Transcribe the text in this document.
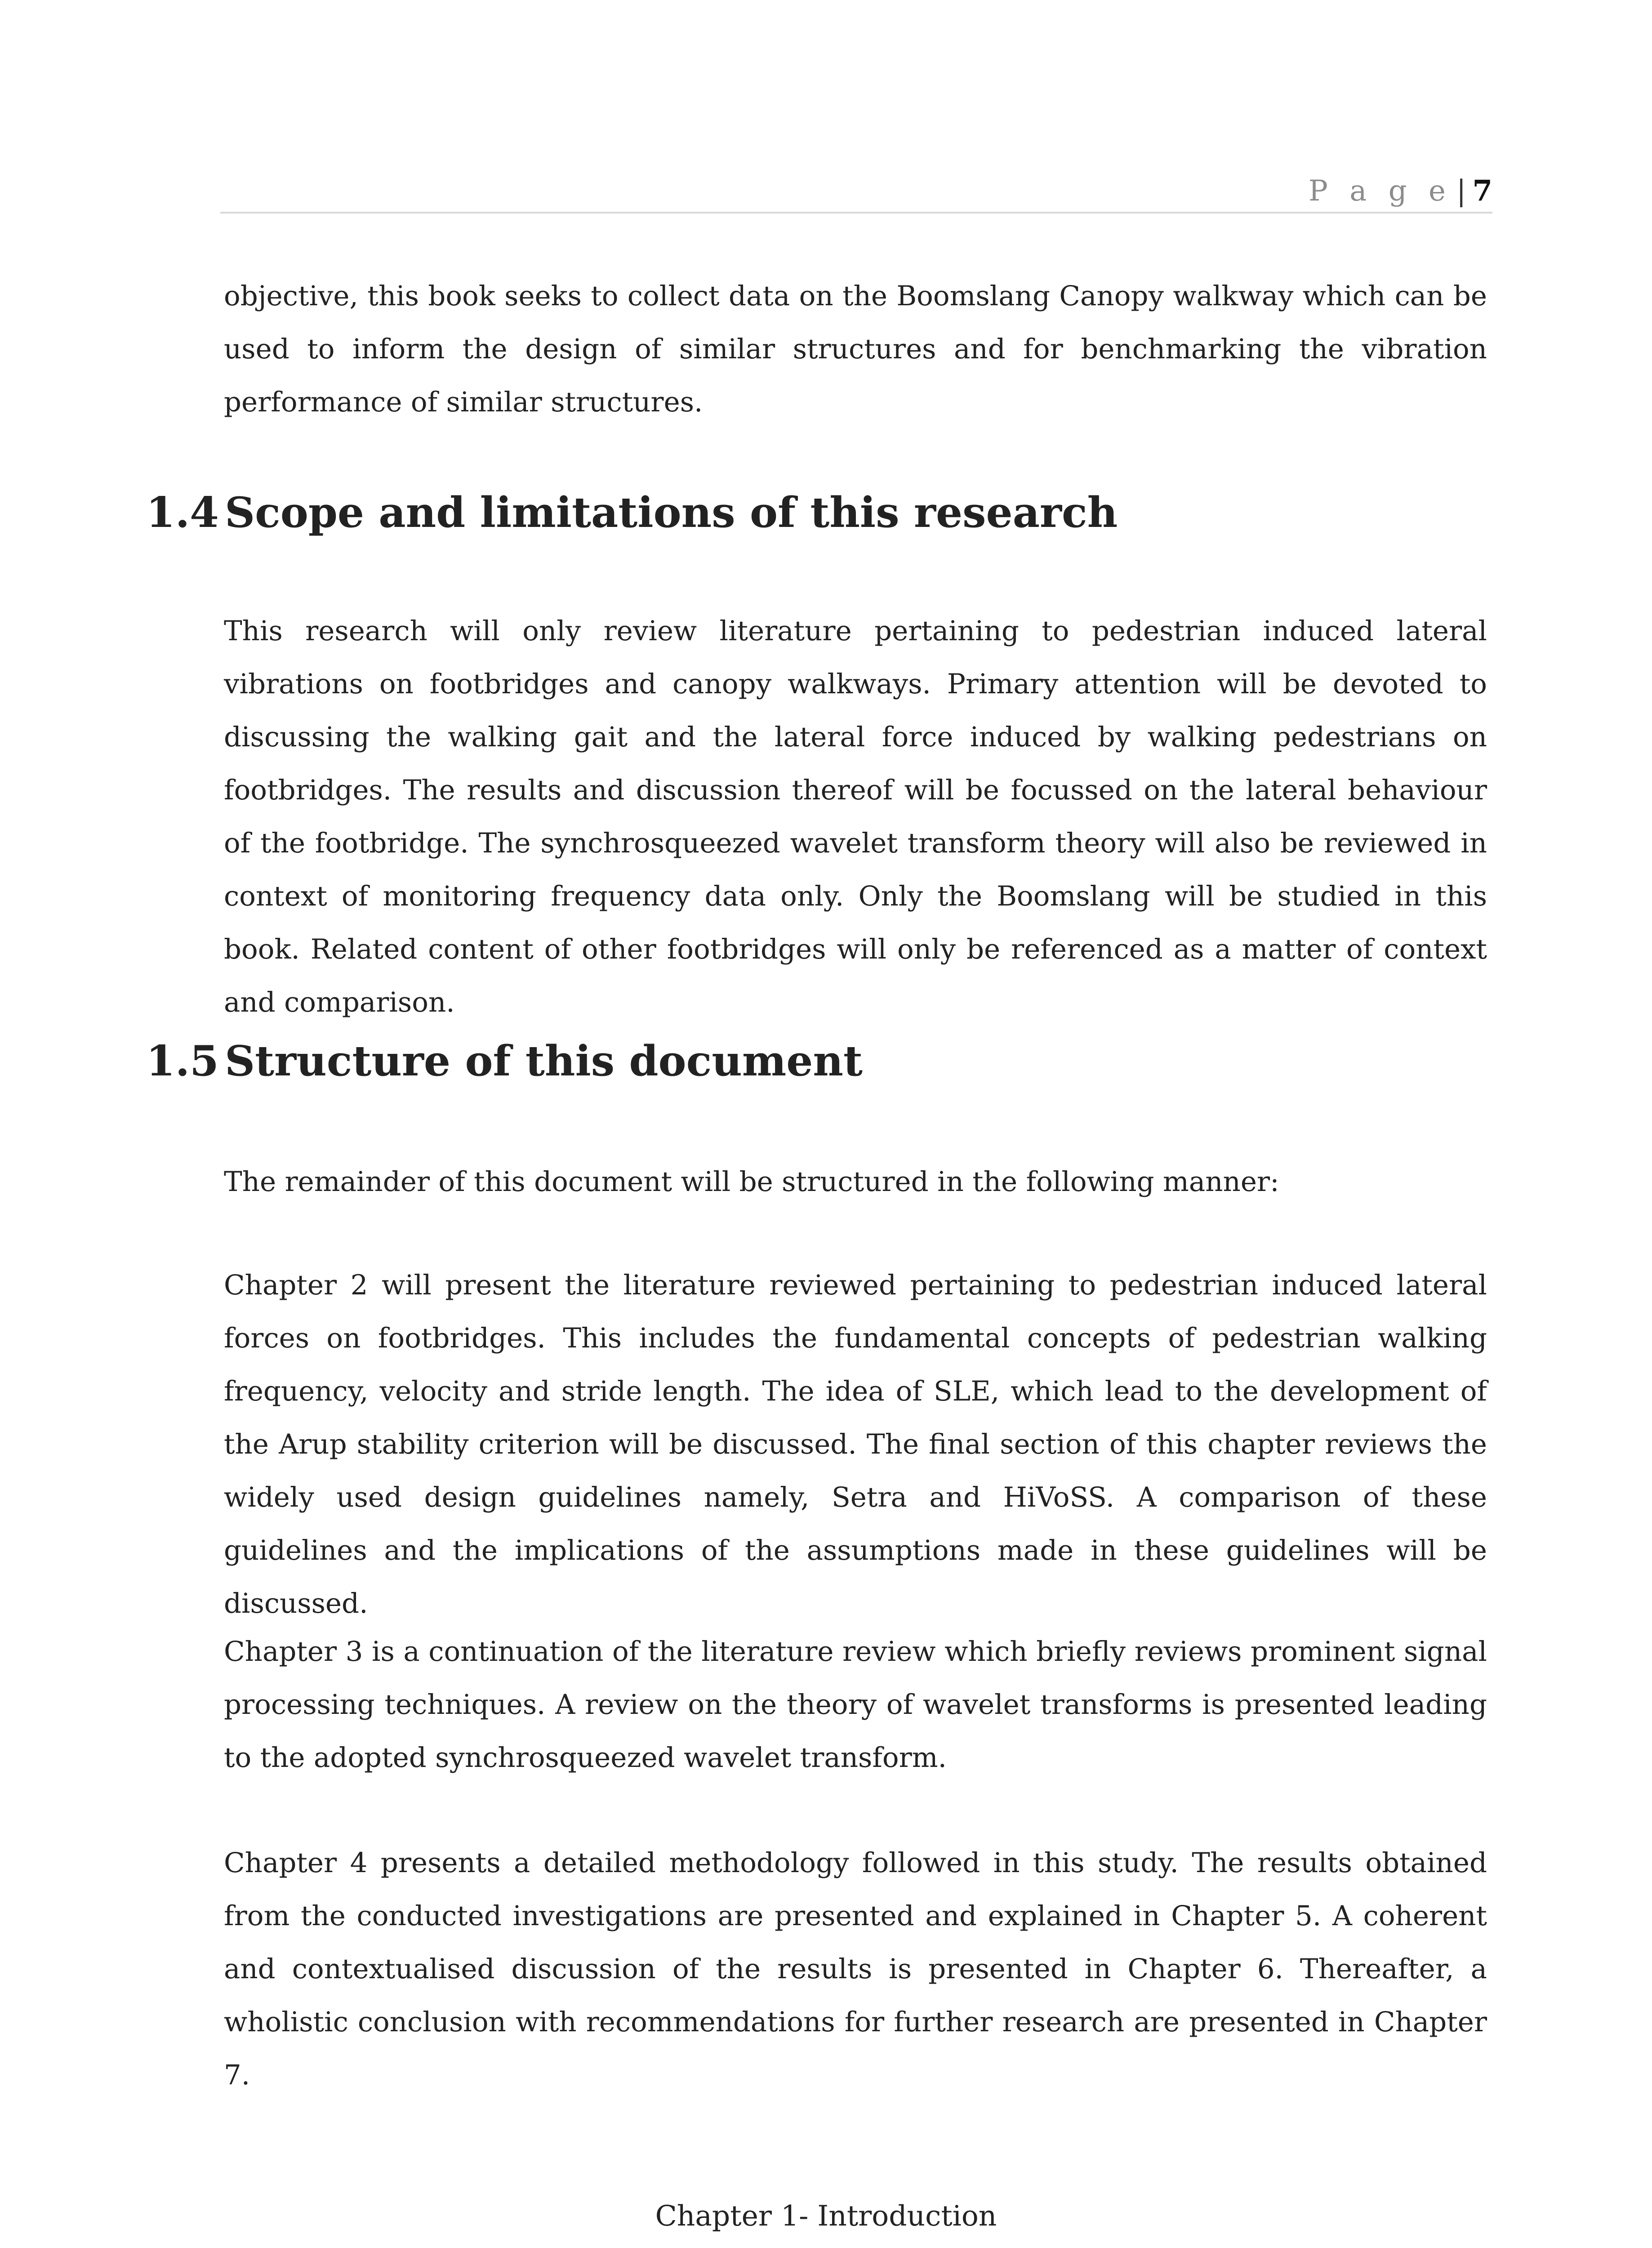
P a g e | 7

objective, this book seeks to collect data on the Boomslang Canopy walkway which can be used to inform the design of similar structures and for benchmarking the vibration performance of similar structures.

1.4 Scope and limitations of this research

This research will only review literature pertaining to pedestrian induced lateral vibrations on footbridges and canopy walkways. Primary attention will be devoted to discussing the walking gait and the lateral force induced by walking pedestrians on footbridges. The results and discussion thereof will be focussed on the lateral behaviour of the footbridge. The synchrosqueezed wavelet transform theory will also be reviewed in context of monitoring frequency data only. Only the Boomslang will be studied in this book. Related content of other footbridges will only be referenced as a matter of context and comparison.

1.5 Structure of this document

The remainder of this document will be structured in the following manner:

Chapter 2 will present the literature reviewed pertaining to pedestrian induced lateral forces on footbridges. This includes the fundamental concepts of pedestrian walking frequency, velocity and stride length. The idea of SLE, which lead to the development of the Arup stability criterion will be discussed. The final section of this chapter reviews the widely used design guidelines namely, Setra and HiVoSS. A comparison of these guidelines and the implications of the assumptions made in these guidelines will be discussed.

Chapter 3 is a continuation of the literature review which briefly reviews prominent signal processing techniques. A review on the theory of wavelet transforms is presented leading to the adopted synchrosqueezed wavelet transform.

Chapter 4 presents a detailed methodology followed in this study. The results obtained from the conducted investigations are presented and explained in Chapter 5. A coherent and contextualised discussion of the results is presented in Chapter 6. Thereafter, a wholistic conclusion with recommendations for further research are presented in Chapter 7.

Chapter 1- Introduction
